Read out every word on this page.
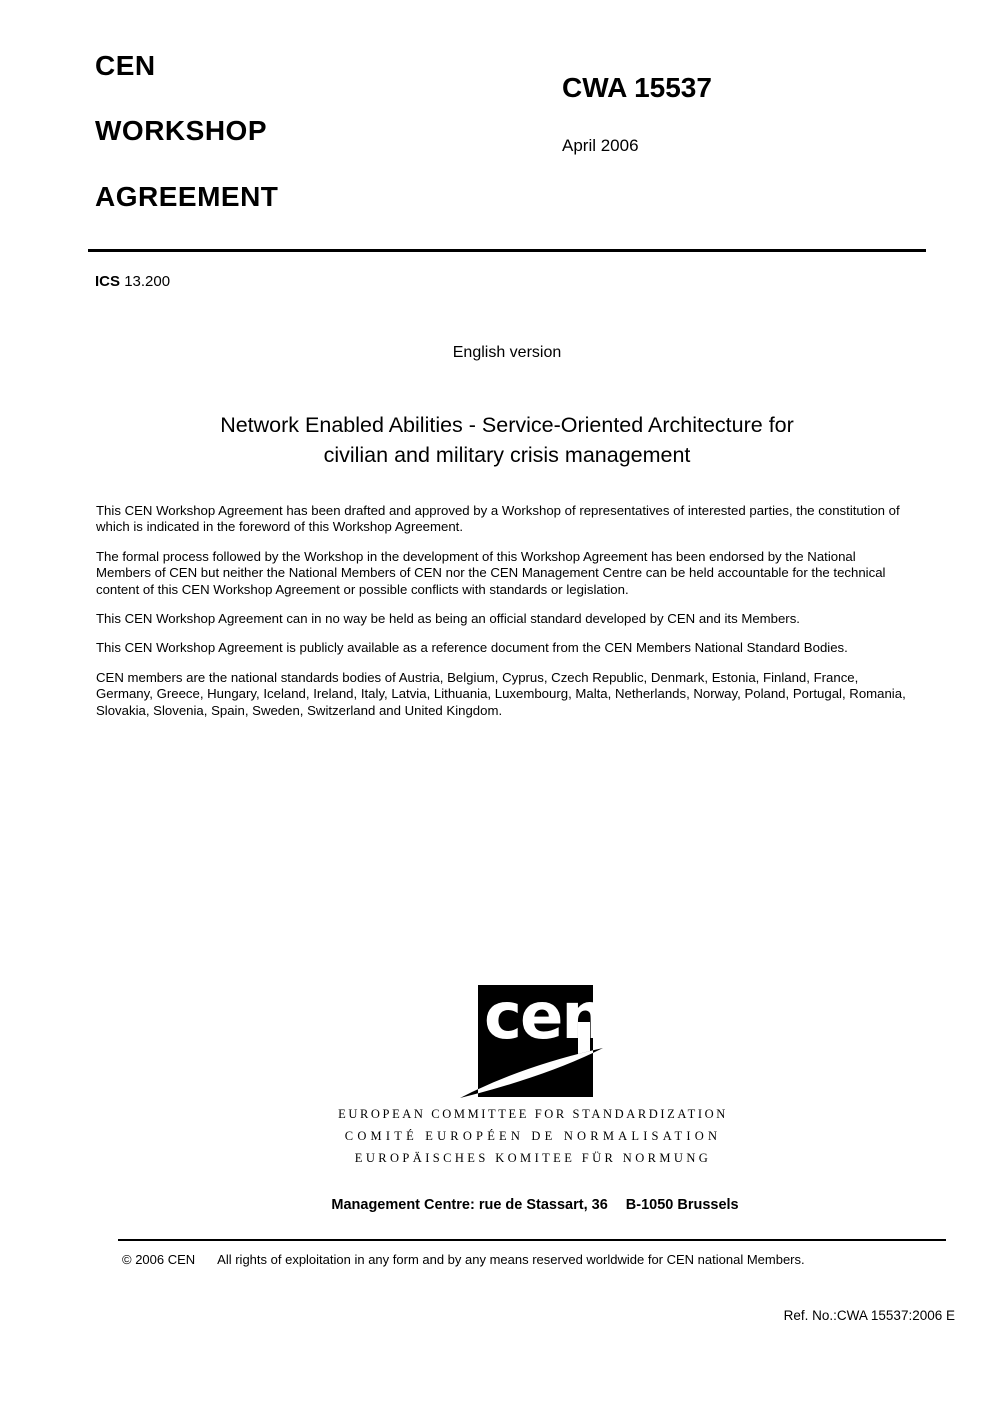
CEN
WORKSHOP
AGREEMENT
CWA 15537
April 2006
ICS 13.200
English version
Network Enabled Abilities - Service-Oriented Architecture for
civilian and military crisis management

This CEN Workshop Agreement has been drafted and approved by a Workshop of representatives of interested parties, the constitution of
which is indicated in the foreword of this Workshop Agreement.

The formal process followed by the Workshop in the development of this Workshop Agreement has been endorsed by the National
Members of CEN but neither the National Members of CEN nor the CEN Management Centre can be held accountable for the technical
content of this CEN Workshop Agreement or possible conflicts with standards or legislation.

This CEN Workshop Agreement can in no way be held as being an official standard developed by CEN and its Members.

This CEN Workshop Agreement is publicly available as a reference document from the CEN Members National Standard Bodies.

CEN members are the national standards bodies of Austria, Belgium, Cyprus, Czech Republic, Denmark, Estonia, Finland, France,
Germany, Greece, Hungary, Iceland, Ireland, Italy, Latvia, Lithuania, Luxembourg, Malta, Netherlands, Norway, Poland, Portugal, Romania,
Slovakia, Slovenia, Spain, Sweden, Switzerland and United Kingdom.

cen
EUROPEAN COMMITTEE FOR STANDARDIZATION
COMITÉ EUROPÉEN DE NORMALISATION
EUROPÄISCHES KOMITEE FÜR NORMUNG
Management Centre: rue de Stassart, 36 B-1050 Brussels
© 2006 CEN All rights of exploitation in any form and by any means reserved worldwide for CEN national Members.
Ref. No.:CWA 15537:2006 E
